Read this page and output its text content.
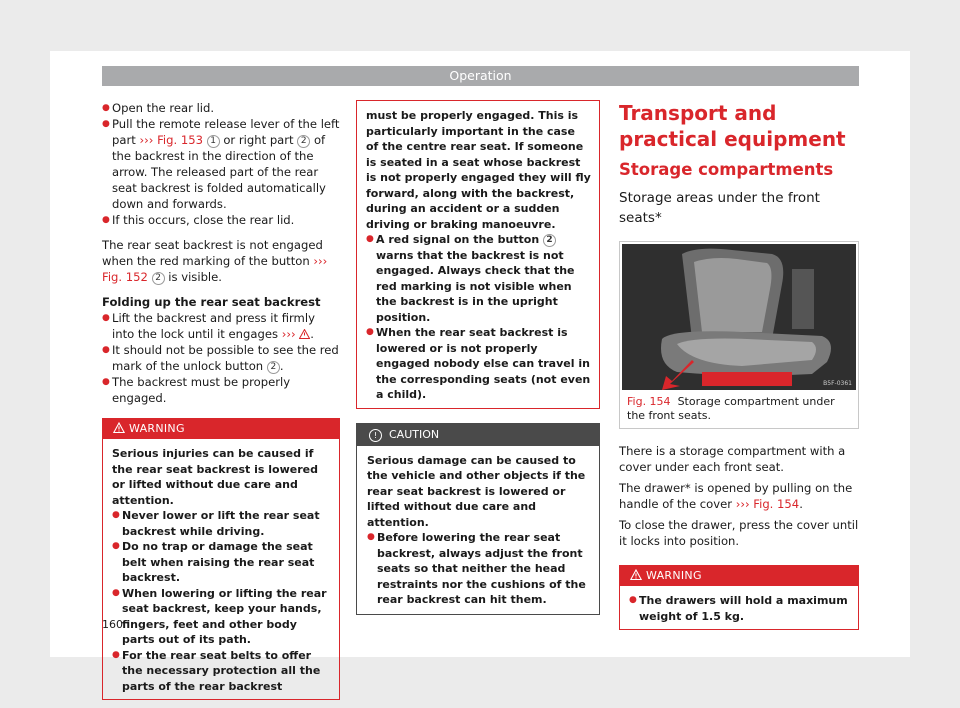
Operation

● Open the rear lid.

● Pull the remote release lever of the left part ››› Fig. 153 1 or right part 2 of the backrest in the direction of the arrow. The released part of the rear seat backrest is folded automatically down and forwards.

● If this occurs, close the rear lid.

The rear seat backrest is not engaged when the red marking of the button ››› Fig. 152 2 is visible.

Folding up the rear seat backrest

● Lift the backrest and press it firmly into the lock until it engages ››› .

● It should not be possible to see the red mark of the unlock button 2 .

● The backrest must be properly engaged.

WARNING

Serious injuries can be caused if the rear seat backrest is lowered or lifted without due care and attention.

● Never lower or lift the rear seat backrest while driving.

● Do no trap or damage the seat belt when raising the rear seat backrest.

● When lowering or lifting the rear seat backrest, keep your hands, fingers, feet and other body parts out of its path.

● For the rear seat belts to offer the necessary protection all the parts of the rear backrest

must be properly engaged. This is particularly important in the case of the centre rear seat. If someone is seated in a seat whose backrest is not properly engaged they will fly forward, along with the backrest, during an accident or a sudden driving or braking manoeuvre.

● A red signal on the button 2 warns that the backrest is not engaged. Always check that the red marking is not visible when the backrest is in the upright position.

● When the rear seat backrest is lowered or is not properly engaged nobody else can travel in the corresponding seats (not even a child).

!	CAUTION

Serious damage can be caused to the vehicle and other objects if the rear seat backrest is lowered or lifted without due care and attention.

● Before lowering the rear seat backrest, always adjust the front seats so that neither the head restraints nor the cushions of the rear backrest can hit them.

Transport and practical equipment
Storage compartments
Storage areas under the front seats*
B5F-0361
Fig. 154 Storage compartment under the front seats.

There is a storage compartment with a cover under each front seat.

The drawer* is opened by pulling on the handle of the cover ››› Fig. 154.

To close the drawer, press the cover until it locks into position.

WARNING

● The drawers will hold a maximum weight of 1.5 kg.

160
